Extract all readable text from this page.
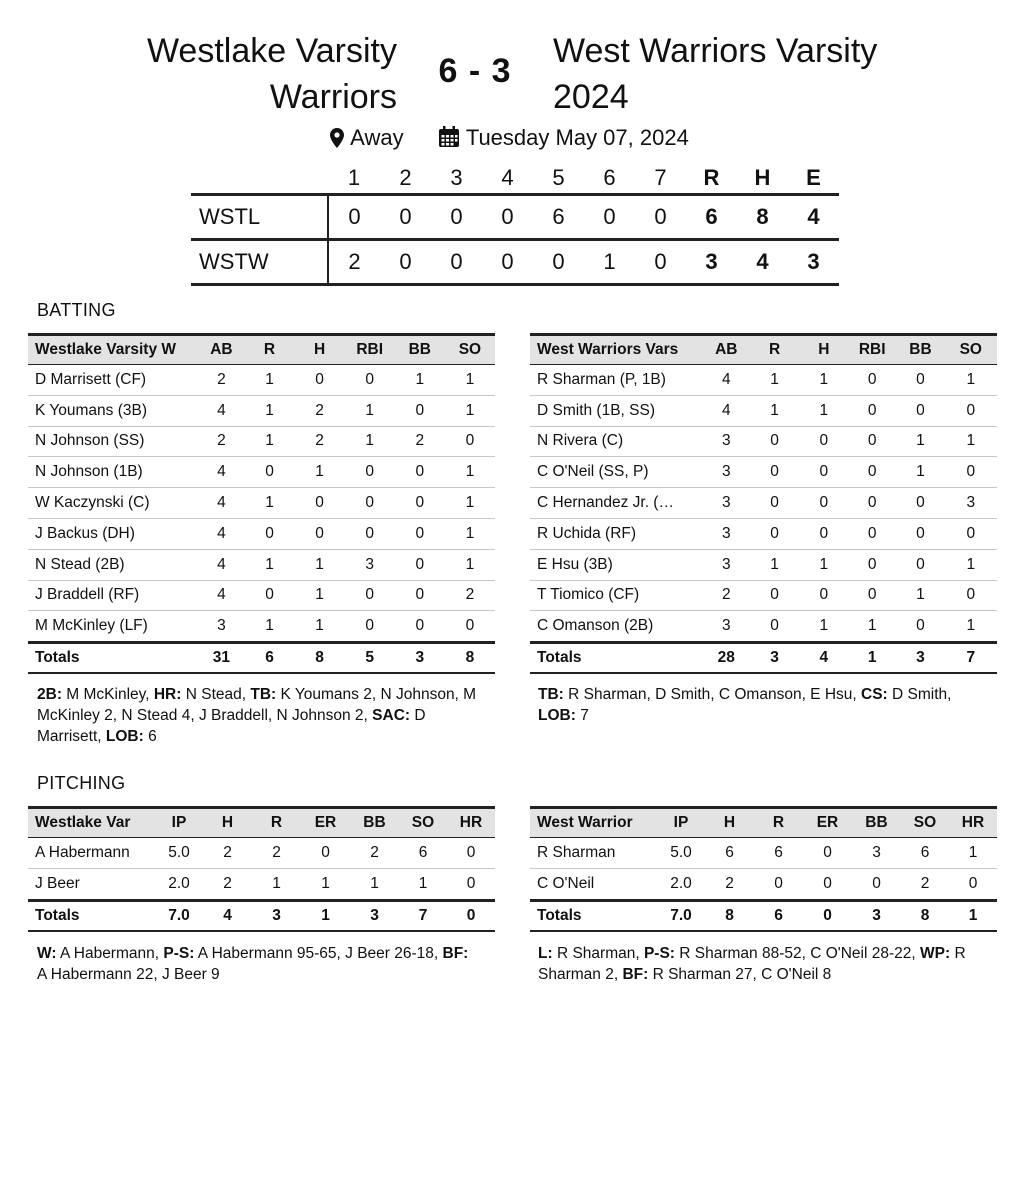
Westlake Varsity Warriors
6 - 3
West Warriors Varsity 2024
Away	Tuesday May 07, 2024
	1	2	3	4	5	6	7	R	H	E
WSTL	0	0	0	0	6	0	0	6	8	4
WSTW	2	0	0	0	0	1	0	3	4	3
BATTING
Westlake Varsity W	AB	R	H	RBI	BB	SO
D Marrisett (CF)	2	1	0	0	1	1
K Youmans (3B)	4	1	2	1	0	1
N Johnson (SS)	2	1	2	1	2	0
N Johnson (1B)	4	0	1	0	0	1
W Kaczynski (C)	4	1	0	0	0	1
J Backus (DH)	4	0	0	0	0	1
N Stead (2B)	4	1	1	3	0	1
J Braddell (RF)	4	0	1	0	0	2
M McKinley (LF)	3	1	1	0	0	0
Totals	31	6	8	5	3	8
West Warriors Vars	AB	R	H	RBI	BB	SO
R Sharman (P, 1B)	4	1	1	0	0	1
D Smith (1B, SS)	4	1	1	0	0	0
N Rivera (C)	3	0	0	0	1	1
C O'Neil (SS, P)	3	0	0	0	1	0
C Hernandez Jr. (…	3	0	0	0	0	3
R Uchida (RF)	3	0	0	0	0	0
E Hsu (3B)	3	1	1	0	0	1
T Tiomico (CF)	2	0	0	0	1	0
C Omanson (2B)	3	0	1	1	0	1
Totals	28	3	4	1	3	7
2B: M McKinley, HR: N Stead, TB: K Youmans 2, N Johnson, M McKinley 2, N Stead 4, J Braddell, N Johnson 2, SAC: D Marrisett, LOB: 6
TB: R Sharman, D Smith, C Omanson, E Hsu, CS: D Smith, LOB: 7
PITCHING
Westlake Var	IP	H	R	ER	BB	SO	HR
A Habermann	5.0	2	2	0	2	6	0
J Beer	2.0	2	1	1	1	1	0
Totals	7.0	4	3	1	3	7	0
West Warrior	IP	H	R	ER	BB	SO	HR
R Sharman	5.0	6	6	0	3	6	1
C O'Neil	2.0	2	0	0	0	2	0
Totals	7.0	8	6	0	3	8	1
W: A Habermann, P-S: A Habermann 95-65, J Beer 26-18, BF: A Habermann 22, J Beer 9
L: R Sharman, P-S: R Sharman 88-52, C O'Neil 28-22, WP: R Sharman 2, BF: R Sharman 27, C O'Neil 8
